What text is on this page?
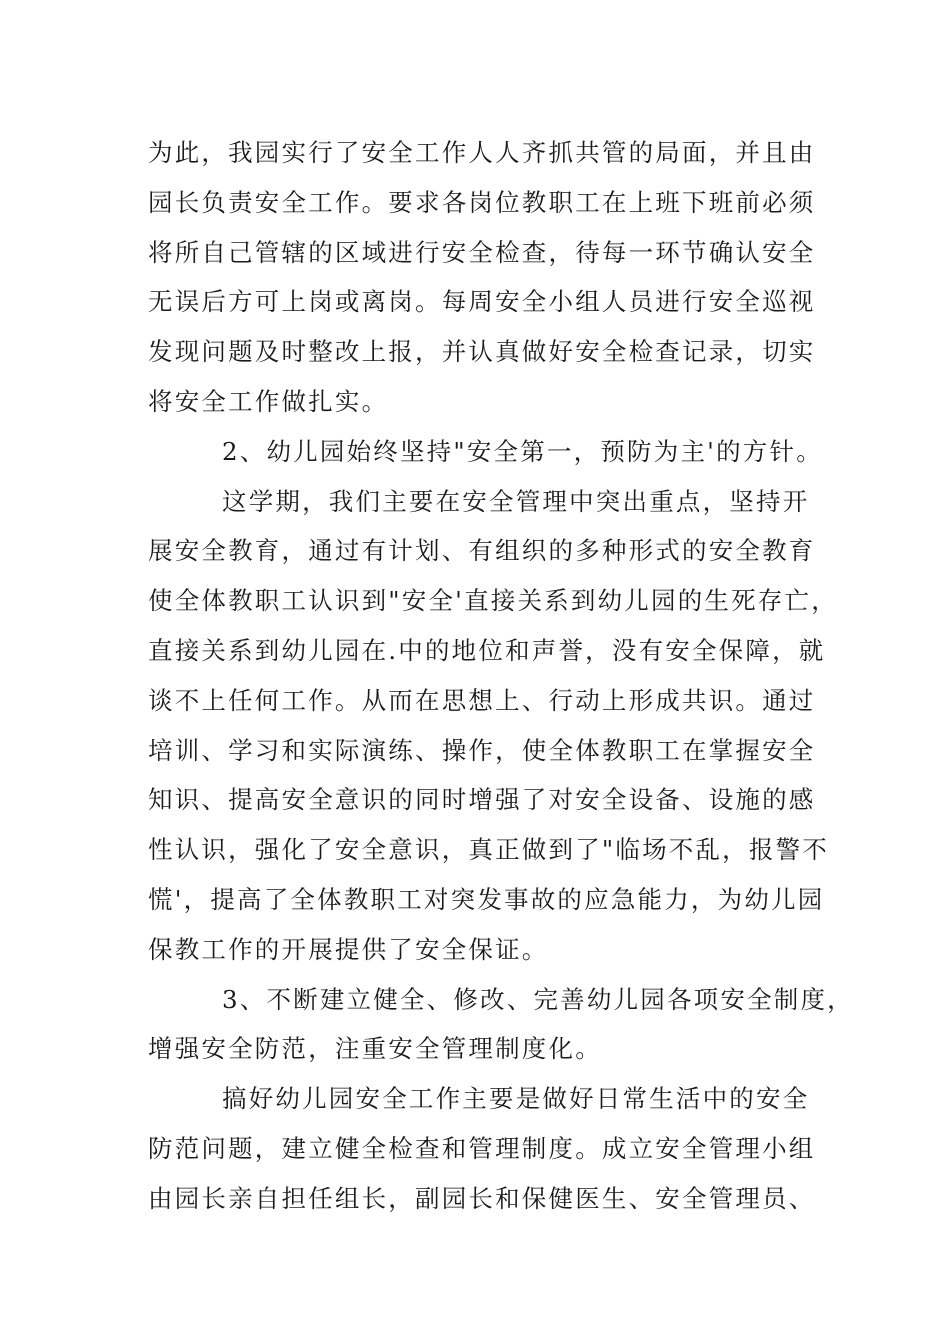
为此，我园实行了安全工作人人齐抓共管的局面，并且由
园长负责安全工作。要求各岗位教职工在上班下班前必须
将所自己管辖的区域进行安全检查，待每一环节确认安全
无误后方可上岗或离岗。每周安全小组人员进行安全巡视
发现问题及时整改上报，并认真做好安全检查记录，切实
将安全工作做扎实。
2、幼儿园始终坚持"安全第一，预防为主'的方针。
这学期，我们主要在安全管理中突出重点，坚持开
展安全教育，通过有计划、有组织的多种形式的安全教育
使全体教职工认识到"安全'直接关系到幼儿园的生死存亡，
直接关系到幼儿园在.中的地位和声誉，没有安全保障，就
谈不上任何工作。从而在思想上、行动上形成共识。通过
培训、学习和实际演练、操作，使全体教职工在掌握安全
知识、提高安全意识的同时增强了对安全设备、设施的感
性认识，强化了安全意识，真正做到了"临场不乱，报警不
慌'，提高了全体教职工对突发事故的应急能力，为幼儿园
保教工作的开展提供了安全保证。
3、不断建立健全、修改、完善幼儿园各项安全制度，
增强安全防范，注重安全管理制度化。
搞好幼儿园安全工作主要是做好日常生活中的安全
防范问题，建立健全检查和管理制度。成立安全管理小组
由园长亲自担任组长，副园长和保健医生、安全管理员、
